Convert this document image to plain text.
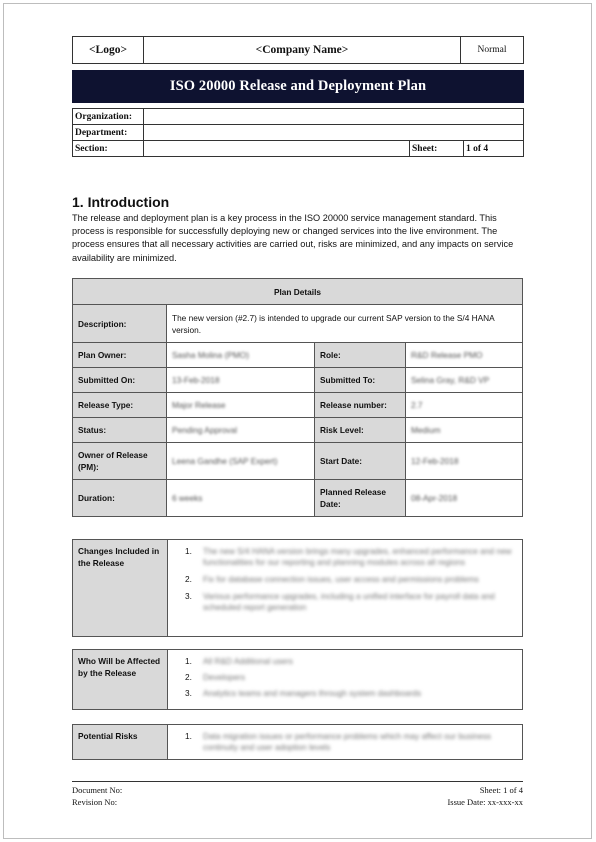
<Logo>	<Company Name>	Normal
ISO 20000 Release and Deployment Plan
Organization:			
Department:			
Section:		Sheet:	1 of 4
1. Introduction
The release and deployment plan is a key process in the ISO 20000 service management standard. This process is responsible for successfully deploying new or changed services into the live environment. The process ensures that all necessary activities are carried out, risks are minimized, and any impacts on service availability are minimized.
Plan Details			
Description:	The new version (#2.7) is intended to upgrade our current SAP version to the S/4 HANA version.		
Plan Owner:	Sasha Molina (PMO)	Role:	R&D Release PMO
Submitted On:	13-Feb-2018	Submitted To:	Selina Gray, R&D VP
Release Type:	Major Release	Release number:	2.7
Status:	Pending Approval	Risk Level:	Medium
Owner of Release (PM):	Leena Gandhe (SAP Expert)	Start Date:	12-Feb-2018
Duration:	6 weeks	Planned Release Date:	08-Apr-2018
Changes Included in the Release
1.	The new S/4 HANA version brings many upgrades, enhanced performance and new functionalities for our reporting and planning modules across all regions
2.	Fix for database connection issues, user access and permissions problems
3.	Various performance upgrades, including a unified interface for payroll data and scheduled report generation
Who Will be Affected by the Release
1.	All R&D Additional users
2.	Developers
3.	Analytics teams and managers through system dashboards
Potential Risks	1.	Data migration issues or performance problems which may affect our business continuity and user adoption levels
Document No:
Revision No:
Sheet: 1 of 4
Issue Date: xx-xxx-xx
